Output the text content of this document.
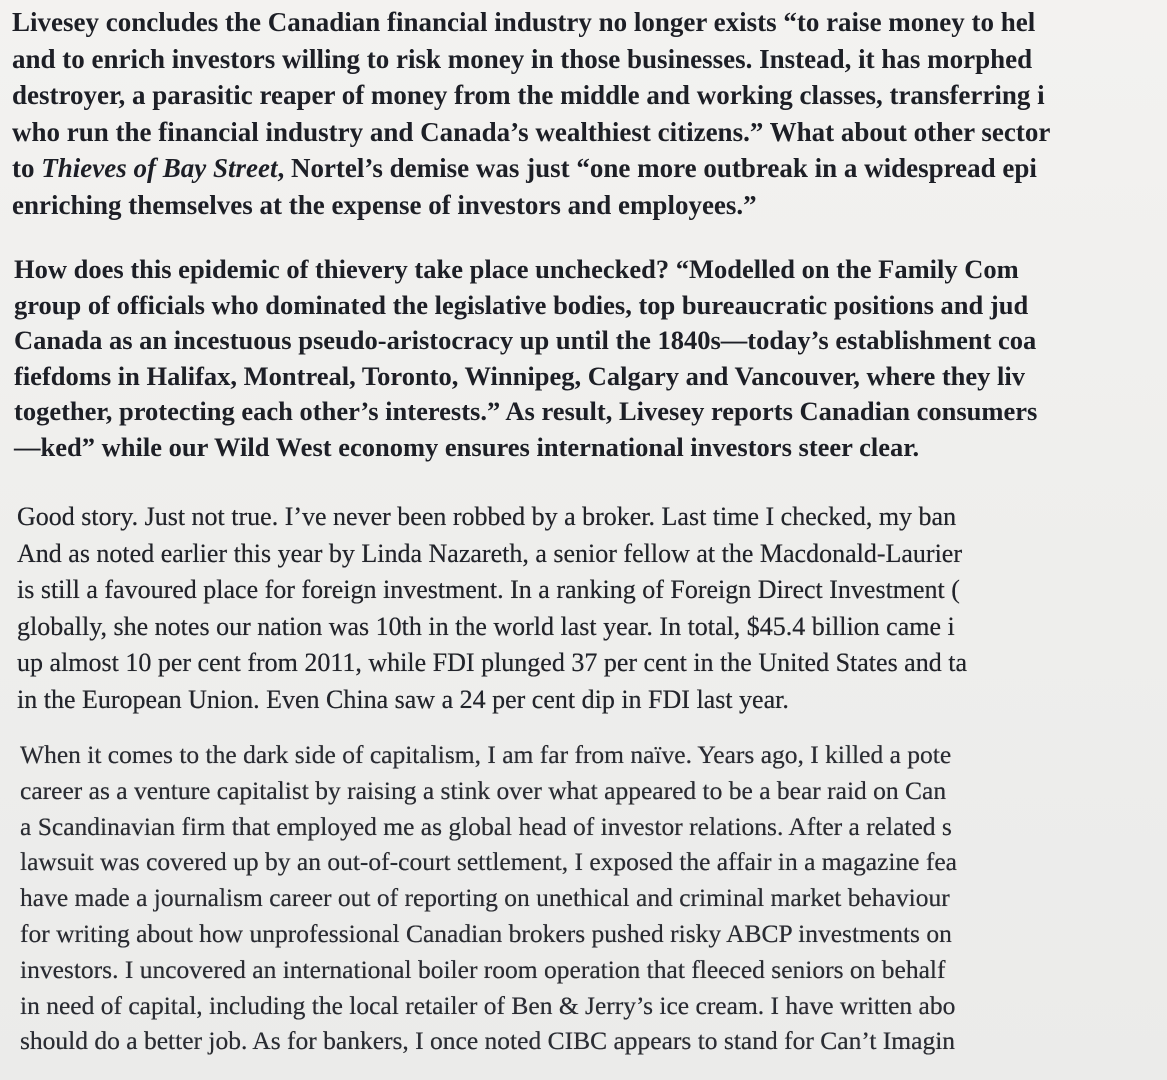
Livesey concludes the Canadian financial industry no longer exists “to raise money to hel
and to enrich investors willing to risk money in those businesses. Instead, it has morphed
destroyer, a parasitic reaper of money from the middle and working classes, transferring i
who run the financial industry and Canada’s wealthiest citizens.” What about other sector
to Thieves of Bay Street, Nortel’s demise was just “one more outbreak in a widespread epi
enriching themselves at the expense of investors and employees.”

How does this epidemic of thievery take place unchecked? “Modelled on the Family Com
group of officials who dominated the legislative bodies, top bureaucratic positions and jud
Canada as an incestuous pseudo-aristocracy up until the 1840s—today’s establishment coa
fiefdoms in Halifax, Montreal, Toronto, Winnipeg, Calgary and Vancouver, where they liv
together, protecting each other’s interests.” As result, Livesey reports Canadian consumers
—ked” while our Wild West economy ensures international investors steer clear.

Good story. Just not true. I’ve never been robbed by a broker. Last time I checked, my ban
And as noted earlier this year by Linda Nazareth, a senior fellow at the Macdonald-Laurier
is still a favoured place for foreign investment. In a ranking of Foreign Direct Investment (
globally, she notes our nation was 10th in the world last year. In total, $45.4 billion came i
up almost 10 per cent from 2011, while FDI plunged 37 per cent in the United States and ta
in the European Union. Even China saw a 24 per cent dip in FDI last year.

When it comes to the dark side of capitalism, I am far from naïve. Years ago, I killed a pote
career as a venture capitalist by raising a stink over what appeared to be a bear raid on Can
a Scandinavian firm that employed me as global head of investor relations. After a related s
lawsuit was covered up by an out-of-court settlement, I exposed the affair in a magazine fea
have made a journalism career out of reporting on unethical and criminal market behaviour
for writing about how unprofessional Canadian brokers pushed risky ABCP investments on
investors. I uncovered an international boiler room operation that fleeced seniors on behalf
in need of capital, including the local retailer of Ben & Jerry’s ice cream. I have written abo
should do a better job. As for bankers, I once noted CIBC appears to stand for Can’t Imagin
